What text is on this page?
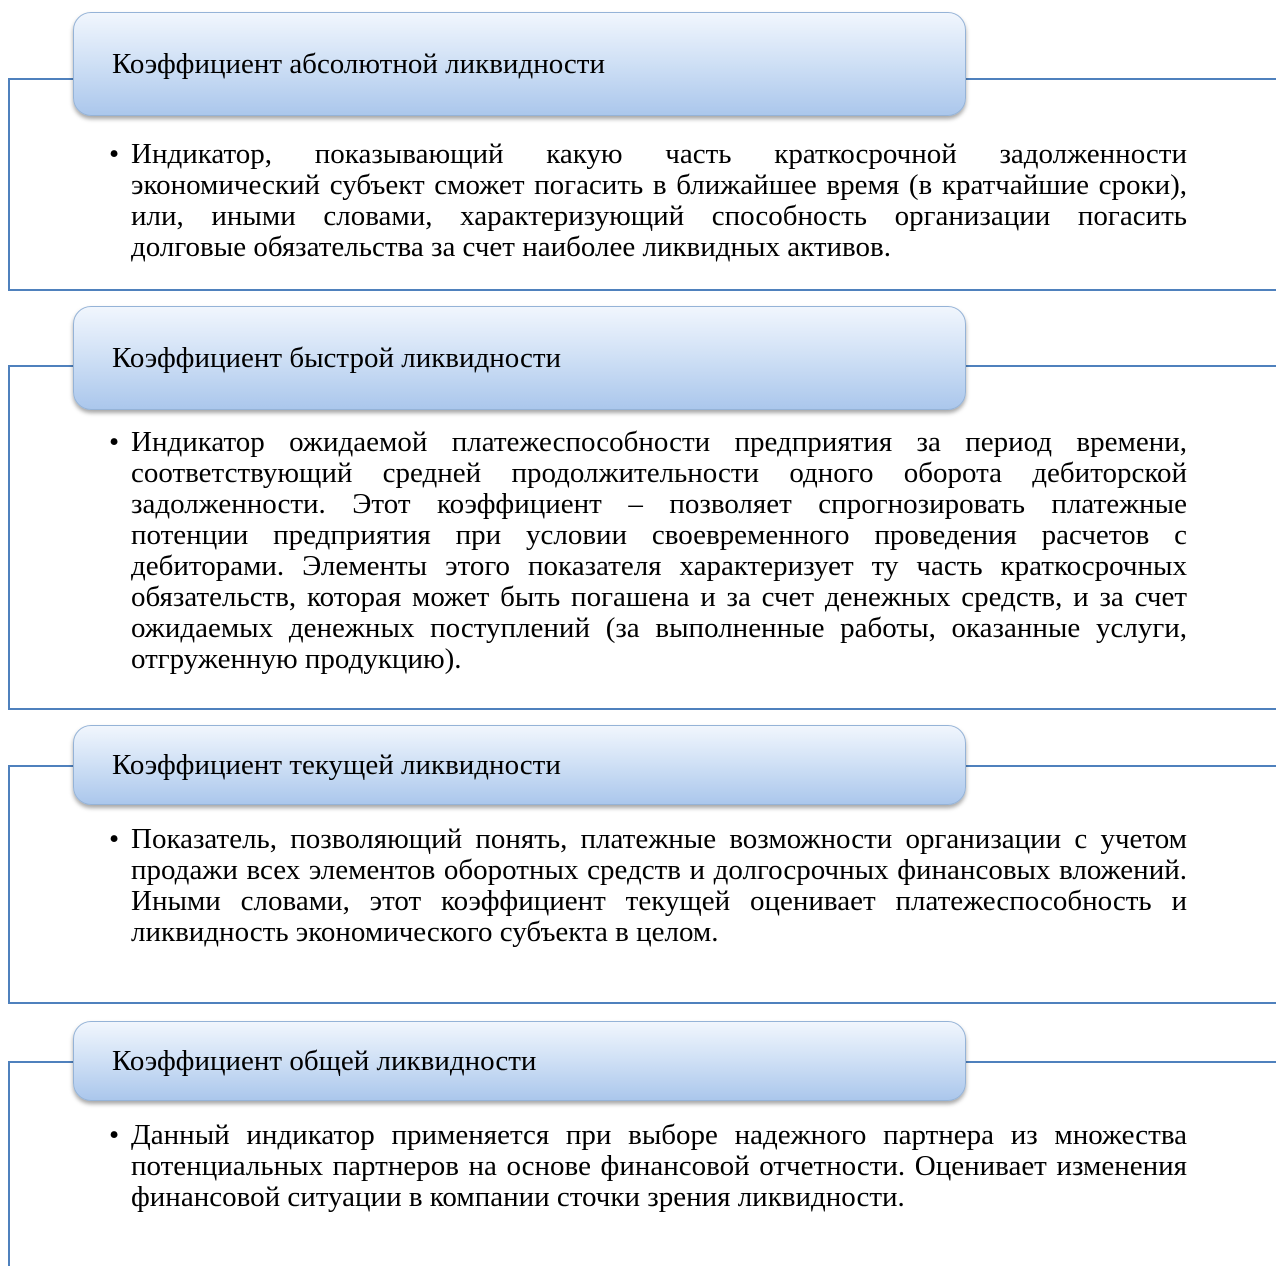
Коэффициент абсолютной ликвидности
• Индикатор, показывающий какую часть краткосрочной задолженности экономический субъект сможет погасить в ближайшее время (в кратчайшие сроки), или, иными словами, характеризующий способность организации погасить долговые обязательства за счет наиболее ликвидных активов.
Коэффициент быстрой ликвидности
• Индикатор ожидаемой платежеспособности предприятия за период времени, соответствующий средней продолжительности одного оборота дебиторской задолженности. Этот коэффициент – позволяет спрогнозировать платежные потенции предприятия при условии своевременного проведения расчетов с дебиторами. Элементы этого показателя характеризует ту часть краткосрочных обязательств, которая может быть погашена и за счет денежных средств, и за счет ожидаемых денежных поступлений (за выполненные работы, оказанные услуги, отгруженную продукцию).
Коэффициент текущей ликвидности
• Показатель, позволяющий понять, платежные возможности организации с учетом продажи всех элементов оборотных средств и долгосрочных финансовых вложений. Иными словами, этот коэффициент текущей оценивает платежеспособность и ликвидность экономического субъекта в целом.
Коэффициент общей ликвидности
• Данный индикатор применяется при выборе надежного партнера из множества потенциальных партнеров на основе финансовой отчетности. Оценивает изменения финансовой ситуации в компании сточки зрения ликвидности.
